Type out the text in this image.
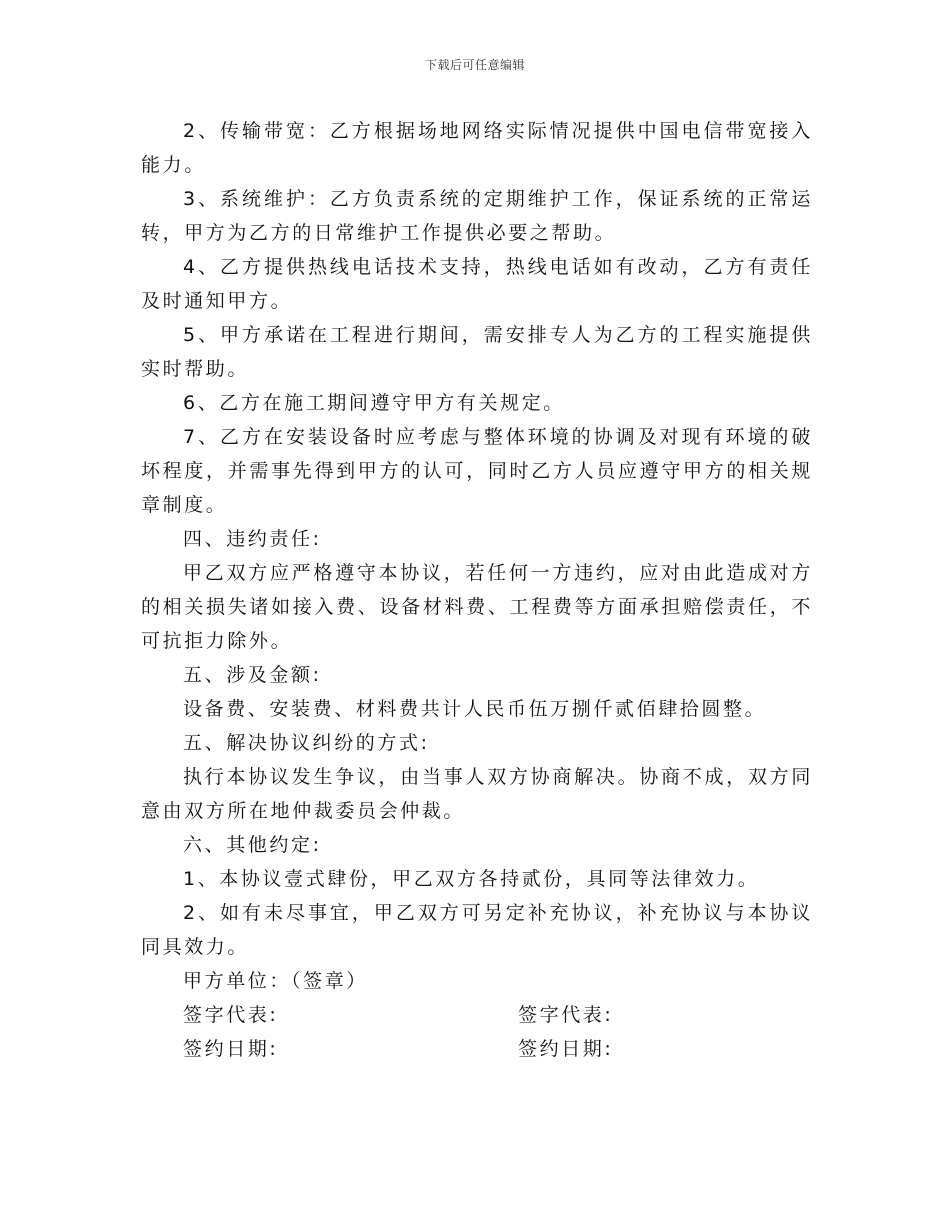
下载后可任意编辑

2、传输带宽：乙方根据场地网络实际情况提供中国电信带宽接入能力。

3、系统维护：乙方负责系统的定期维护工作，保证系统的正常运转，甲方为乙方的日常维护工作提供必要之帮助。

4、乙方提供热线电话技术支持，热线电话如有改动，乙方有责任及时通知甲方。

5、甲方承诺在工程进行期间，需安排专人为乙方的工程实施提供实时帮助。

6、乙方在施工期间遵守甲方有关规定。

7、乙方在安装设备时应考虑与整体环境的协调及对现有环境的破坏程度，并需事先得到甲方的认可，同时乙方人员应遵守甲方的相关规章制度。

四、违约责任:

甲乙双方应严格遵守本协议，若任何一方违约，应对由此造成对方的相关损失诸如接入费、设备材料费、工程费等方面承担赔偿责任，不可抗拒力除外。

五、涉及金额:

设备费、安装费、材料费共计人民币伍万捌仟贰佰肆拾圆整。

五、解决协议纠纷的方式:

执行本协议发生争议，由当事人双方协商解决。协商不成，双方同意由双方所在地仲裁委员会仲裁。

六、其他约定:

1、本协议壹式肆份，甲乙双方各持贰份，具同等法律效力。

2、如有未尽事宜，甲乙双方可另定补充协议，补充协议与本协议同具效力。

甲方单位：（签章）

签字代表:	签字代表:
签约日期:	签约日期:
